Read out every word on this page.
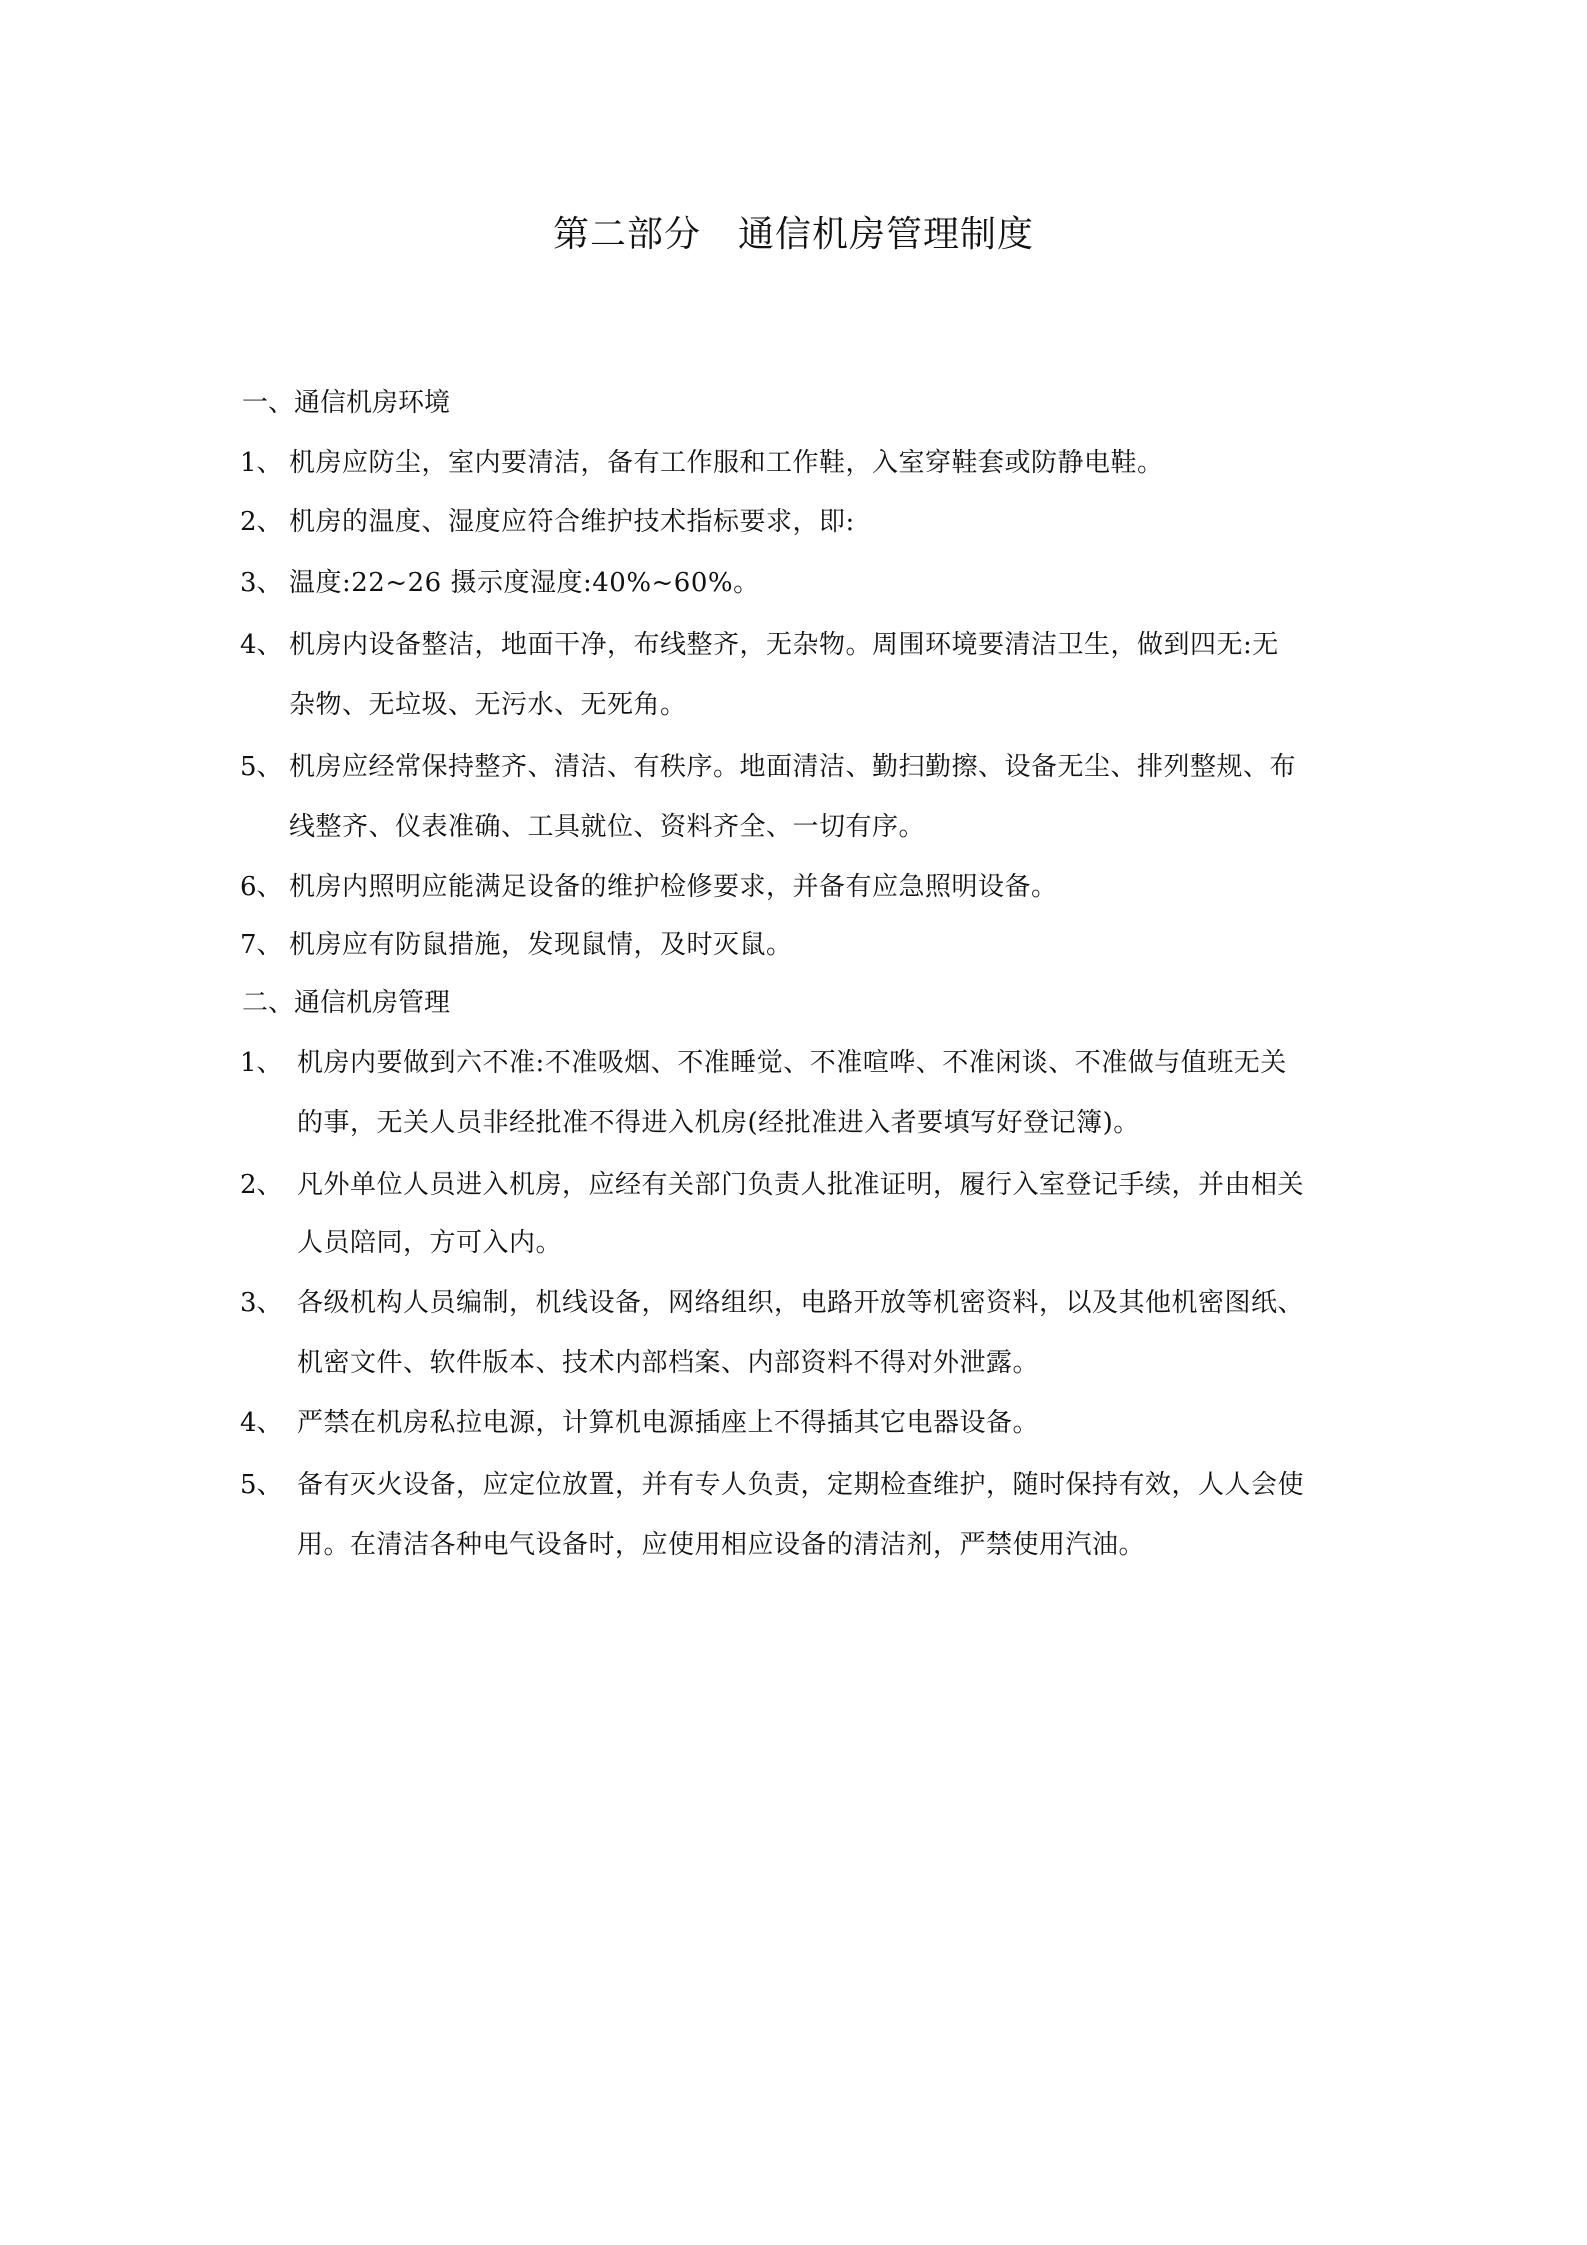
第二部分　通信机房管理制度
一、通信机房环境
1、 机房应防尘，室内要清洁，备有工作服和工作鞋，入室穿鞋套或防静电鞋。
2、 机房的温度、湿度应符合维护技术指标要求，即:
3、 温度:22~26 摄示度湿度:40%~60%。
4、 机房内设备整洁，地面干净，布线整齐，无杂物。周围环境要清洁卫生，做到四无:无
杂物、无垃圾、无污水、无死角。
5、 机房应经常保持整齐、清洁、有秩序。地面清洁、勤扫勤擦、设备无尘、排列整规、布
线整齐、仪表准确、工具就位、资料齐全、一切有序。
6、 机房内照明应能满足设备的维护检修要求，并备有应急照明设备。
7、 机房应有防鼠措施，发现鼠情，及时灭鼠。
二、通信机房管理
1、 机房内要做到六不准:不准吸烟、不准睡觉、不准喧哗、不准闲谈、不准做与值班无关
的事，无关人员非经批准不得进入机房(经批准进入者要填写好登记簿)。
2、 凡外单位人员进入机房，应经有关部门负责人批准证明，履行入室登记手续，并由相关
人员陪同，方可入内。
3、 各级机构人员编制，机线设备，网络组织，电路开放等机密资料，以及其他机密图纸、
机密文件、软件版本、技术内部档案、内部资料不得对外泄露。
4、 严禁在机房私拉电源，计算机电源插座上不得插其它电器设备。
5、 备有灭火设备，应定位放置，并有专人负责，定期检查维护，随时保持有效，人人会使
用。在清洁各种电气设备时，应使用相应设备的清洁剂，严禁使用汽油。
